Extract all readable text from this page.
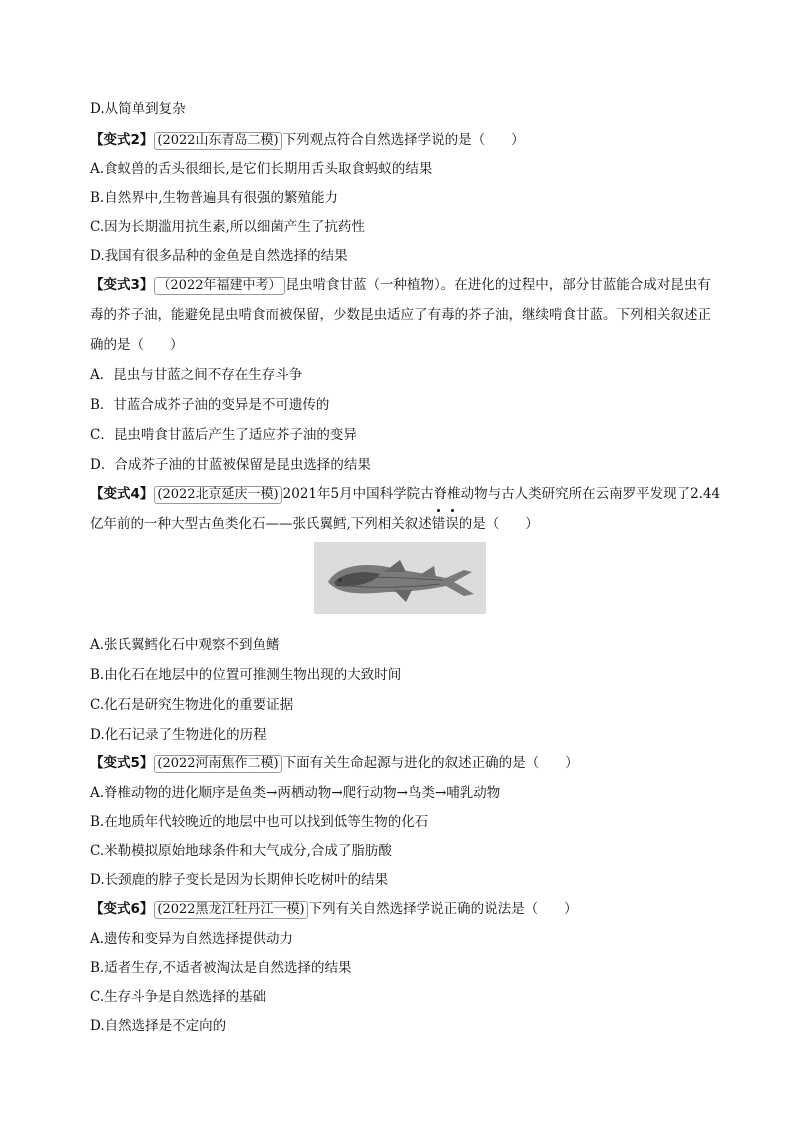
D.从简单到复杂
【变式2】 (2022山东青岛二模) 下列观点符合自然选择学说的是（ ）
A.食蚁兽的舌头很细长,是它们长期用舌头取食蚂蚁的结果
B.自然界中,生物普遍具有很强的繁殖能力
C.因为长期滥用抗生素,所以细菌产生了抗药性
D.我国有很多品种的金鱼是自然选择的结果
【变式3】 （2022年福建中考） 昆虫啃食甘蓝（一种植物）。在进化的过程中，部分甘蓝能合成对昆虫有
毒的芥子油，能避免昆虫啃食而被保留，少数昆虫适应了有毒的芥子油，继续啃食甘蓝。下列相关叙述正
确的是（ ）
A．昆虫与甘蓝之间不存在生存斗争
B．甘蓝合成芥子油的变异是不可遗传的
C．昆虫啃食甘蓝后产生了适应芥子油的变异
D．合成芥子油的甘蓝被保留是昆虫选择的结果
【变式4】 (2022北京延庆一模) 2021年5月中国科学院古脊椎动物与古人类研究所在云南罗平发现了2.44
亿年前的一种大型古鱼类化石——张氏翼鳕,下列相关叙述错误的是（ ）
A.张氏翼鳕化石中观察不到鱼鳍
B.由化石在地层中的位置可推测生物出现的大致时间
C.化石是研究生物进化的重要证据
D.化石记录了生物进化的历程
【变式5】 (2022河南焦作二模) 下面有关生命起源与进化的叙述正确的是（ ）
A.脊椎动物的进化顺序是鱼类→两栖动物→爬行动物→鸟类→哺乳动物
B.在地质年代较晚近的地层中也可以找到低等生物的化石
C.米勒模拟原始地球条件和大气成分,合成了脂肪酸
D.长颈鹿的脖子变长是因为长期伸长吃树叶的结果
【变式6】 (2022黑龙江牡丹江一模) 下列有关自然选择学说正确的说法是（ ）
A.遗传和变异为自然选择提供动力
B.适者生存,不适者被淘汰是自然选择的结果
C.生存斗争是自然选择的基础
D.自然选择是不定向的
